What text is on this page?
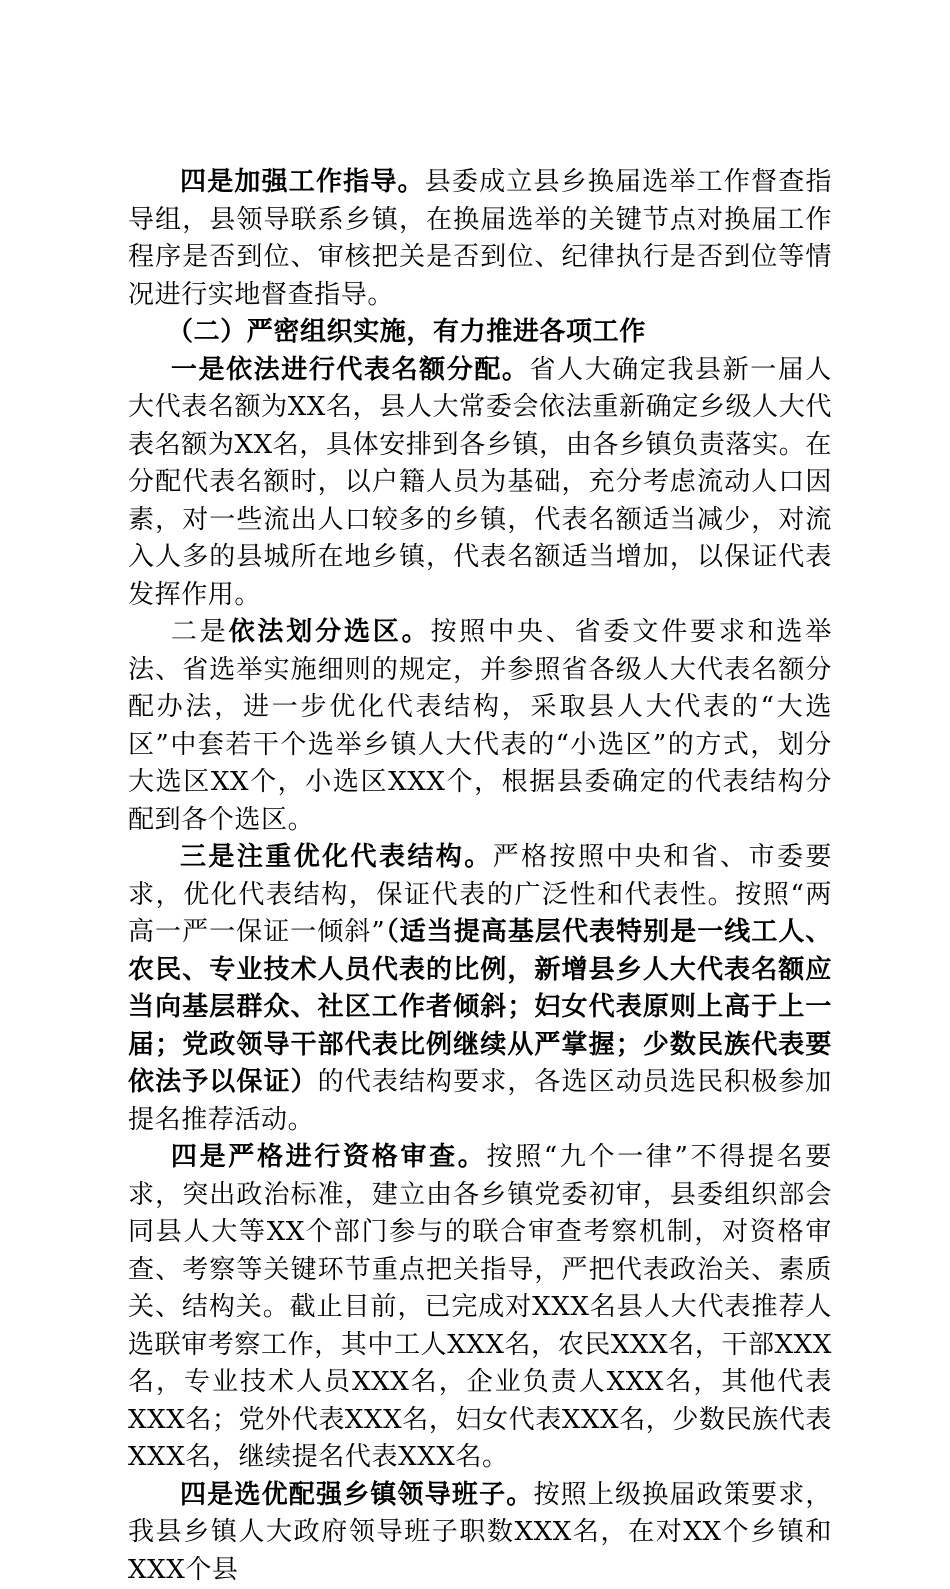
四是加强工作指导。县委成立县乡换届选举工作督查指导组，县领导联系乡镇，在换届选举的关键节点对换届工作程序是否到位、审核把关是否到位、纪律执行是否到位等情况进行实地督查指导。

（二）严密组织实施，有力推进各项工作

一是依法进行代表名额分配。省人大确定我县新一届人大代表名额为XX名，县人大常委会依法重新确定乡级人大代表名额为XX名，具体安排到各乡镇，由各乡镇负责落实。在分配代表名额时，以户籍人员为基础，充分考虑流动人口因素，对一些流出人口较多的乡镇，代表名额适当减少，对流入人多的县城所在地乡镇，代表名额适当增加，以保证代表发挥作用。

二是依法划分选区。按照中央、省委文件要求和选举法、省选举实施细则的规定，并参照省各级人大代表名额分配办法，进一步优化代表结构，采取县人大代表的“大选区”中套若干个选举乡镇人大代表的“小选区”的方式，划分大选区XX个，小选区XXX个，根据县委确定的代表结构分配到各个选区。

三是注重优化代表结构。严格按照中央和省、市委要求，优化代表结构，保证代表的广泛性和代表性。按照“两高一严一保证一倾斜”（适当提高基层代表特别是一线工人、农民、专业技术人员代表的比例，新增县乡人大代表名额应当向基层群众、社区工作者倾斜；妇女代表原则上高于上一届；党政领导干部代表比例继续从严掌握；少数民族代表要依法予以保证）的代表结构要求，各选区动员选民积极参加提名推荐活动。

四是严格进行资格审查。按照“九个一律”不得提名要求，突出政治标准，建立由各乡镇党委初审，县委组织部会同县人大等XX个部门参与的联合审查考察机制，对资格审查、考察等关键环节重点把关指导，严把代表政治关、素质关、结构关。截止目前，已完成对XXX名县人大代表推荐人选联审考察工作，其中工人XXX名，农民XXX名，干部XXX名，专业技术人员XXX名，企业负责人XXX名，其他代表XXX名；党外代表XXX名，妇女代表XXX名，少数民族代表XXX名，继续提名代表XXX名。

四是选优配强乡镇领导班子。按照上级换届政策要求，我县乡镇人大政府领导班子职数XXX名，在对XX个乡镇和XXX个县
